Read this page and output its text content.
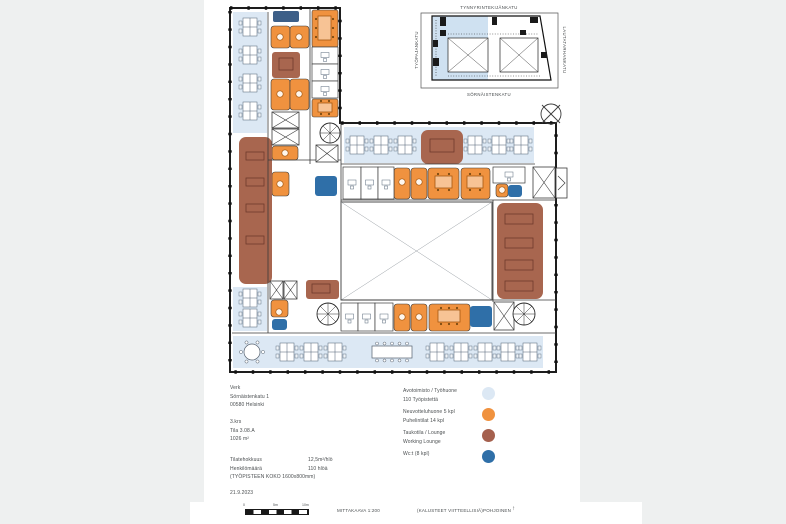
TYNNYRINTEKIJÄNKATU
SÖRNÄISTENKATU
TYÖPAJANKATU	LAUTATARHANKATU
Verk
Sörnäistenkatu 1
00580 Helsinki
3.krs
Tila 3.08.A
1026 m²
Tilatehokkuus	12,5m²/hlö
Henkilömäärä	110 hlöä
(TYÖPISTEEN KOKO 1600x800mm)
21.9.2023
Avotoimisto / Työhuone
110 Työpistettä
Neuvotteluhuone 5 kpl
Puhelintilat 14 kpl
Taukotila / Lounge
Working Lounge
Wc:t (8 kpl)
0	5m	10m
MITTAKAAVA 1:200	(KALUSTEET VIITTEELLISIÄ) POHJOINEN ↑
